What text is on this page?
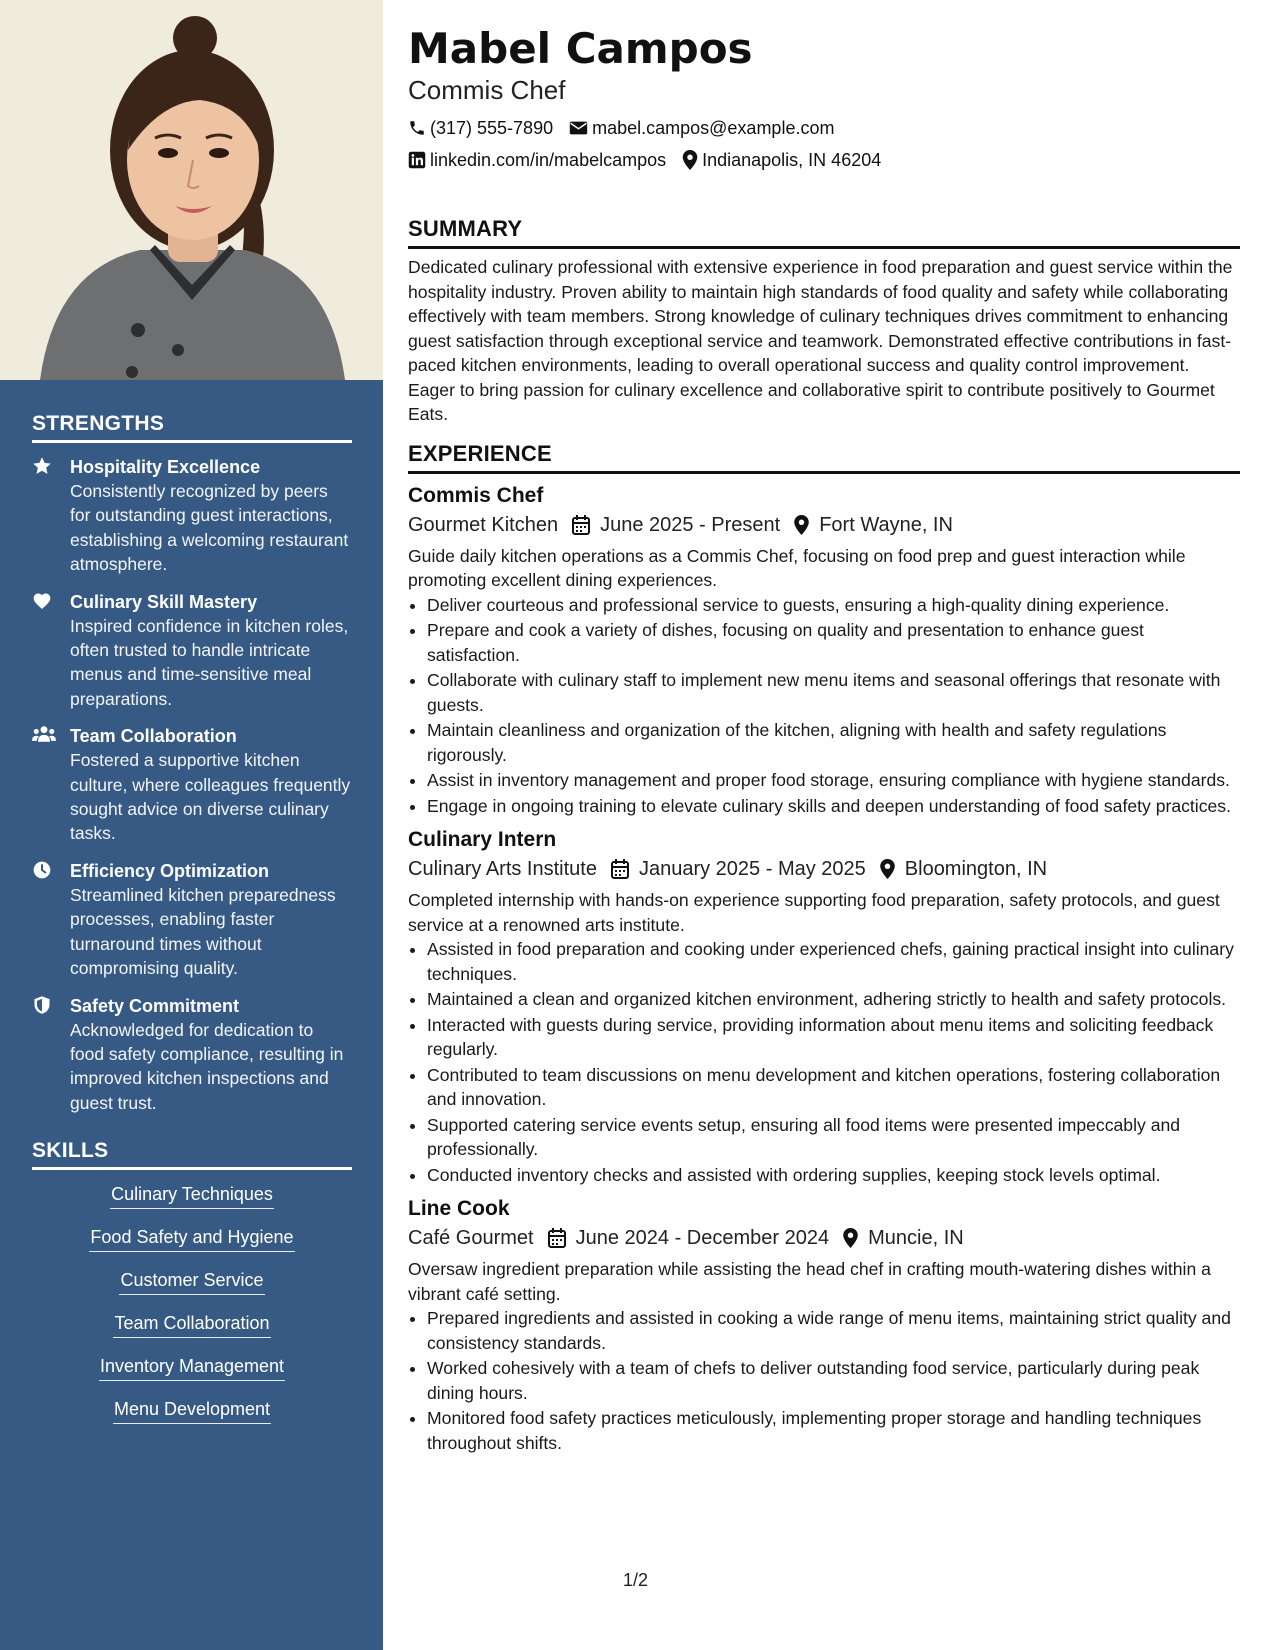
STRENGTHS
Hospitality Excellence
Consistently recognized by peers for outstanding guest interactions, establishing a welcoming restaurant atmosphere.
Culinary Skill Mastery
Inspired confidence in kitchen roles, often trusted to handle intricate menus and time-sensitive meal preparations.
Team Collaboration
Fostered a supportive kitchen culture, where colleagues frequently sought advice on diverse culinary tasks.
Efficiency Optimization
Streamlined kitchen preparedness processes, enabling faster turnaround times without compromising quality.
Safety Commitment
Acknowledged for dedication to food safety compliance, resulting in improved kitchen inspections and guest trust.
SKILLS
Culinary Techniques
Food Safety and Hygiene
Customer Service
Team Collaboration
Inventory Management
Menu Development
Mabel Campos
Commis Chef
(317) 555-7890 mabel.campos@example.com
linkedin.com/in/mabelcampos Indianapolis, IN 46204
SUMMARY

Dedicated culinary professional with extensive experience in food preparation and guest service within the hospitality industry. Proven ability to maintain high standards of food quality and safety while collaborating effectively with team members. Strong knowledge of culinary techniques drives commitment to enhancing guest satisfaction through exceptional service and teamwork. Demonstrated effective contributions in fast-paced kitchen environments, leading to overall operational success and quality control improvement. Eager to bring passion for culinary excellence and collaborative spirit to contribute positively to Gourmet Eats.

EXPERIENCE
Commis Chef
Gourmet Kitchen June 2025 - Present Fort Wayne, IN
Guide daily kitchen operations as a Commis Chef, focusing on food prep and guest interaction while promoting excellent dining experiences.
• Deliver courteous and professional service to guests, ensuring a high-quality dining experience.
• Prepare and cook a variety of dishes, focusing on quality and presentation to enhance guest satisfaction.
• Collaborate with culinary staff to implement new menu items and seasonal offerings that resonate with guests.
• Maintain cleanliness and organization of the kitchen, aligning with health and safety regulations rigorously.
• Assist in inventory management and proper food storage, ensuring compliance with hygiene standards.
• Engage in ongoing training to elevate culinary skills and deepen understanding of food safety practices.
Culinary Intern
Culinary Arts Institute January 2025 - May 2025 Bloomington, IN
Completed internship with hands-on experience supporting food preparation, safety protocols, and guest service at a renowned arts institute.
• Assisted in food preparation and cooking under experienced chefs, gaining practical insight into culinary techniques.
• Maintained a clean and organized kitchen environment, adhering strictly to health and safety protocols.
• Interacted with guests during service, providing information about menu items and soliciting feedback regularly.
• Contributed to team discussions on menu development and kitchen operations, fostering collaboration and innovation.
• Supported catering service events setup, ensuring all food items were presented impeccably and professionally.
• Conducted inventory checks and assisted with ordering supplies, keeping stock levels optimal.
Line Cook
Café Gourmet June 2024 - December 2024 Muncie, IN
Oversaw ingredient preparation while assisting the head chef in crafting mouth-watering dishes within a vibrant café setting.
• Prepared ingredients and assisted in cooking a wide range of menu items, maintaining strict quality and consistency standards.
• Worked cohesively with a team of chefs to deliver outstanding food service, particularly during peak dining hours.
• Monitored food safety practices meticulously, implementing proper storage and handling techniques throughout shifts.
1/2
